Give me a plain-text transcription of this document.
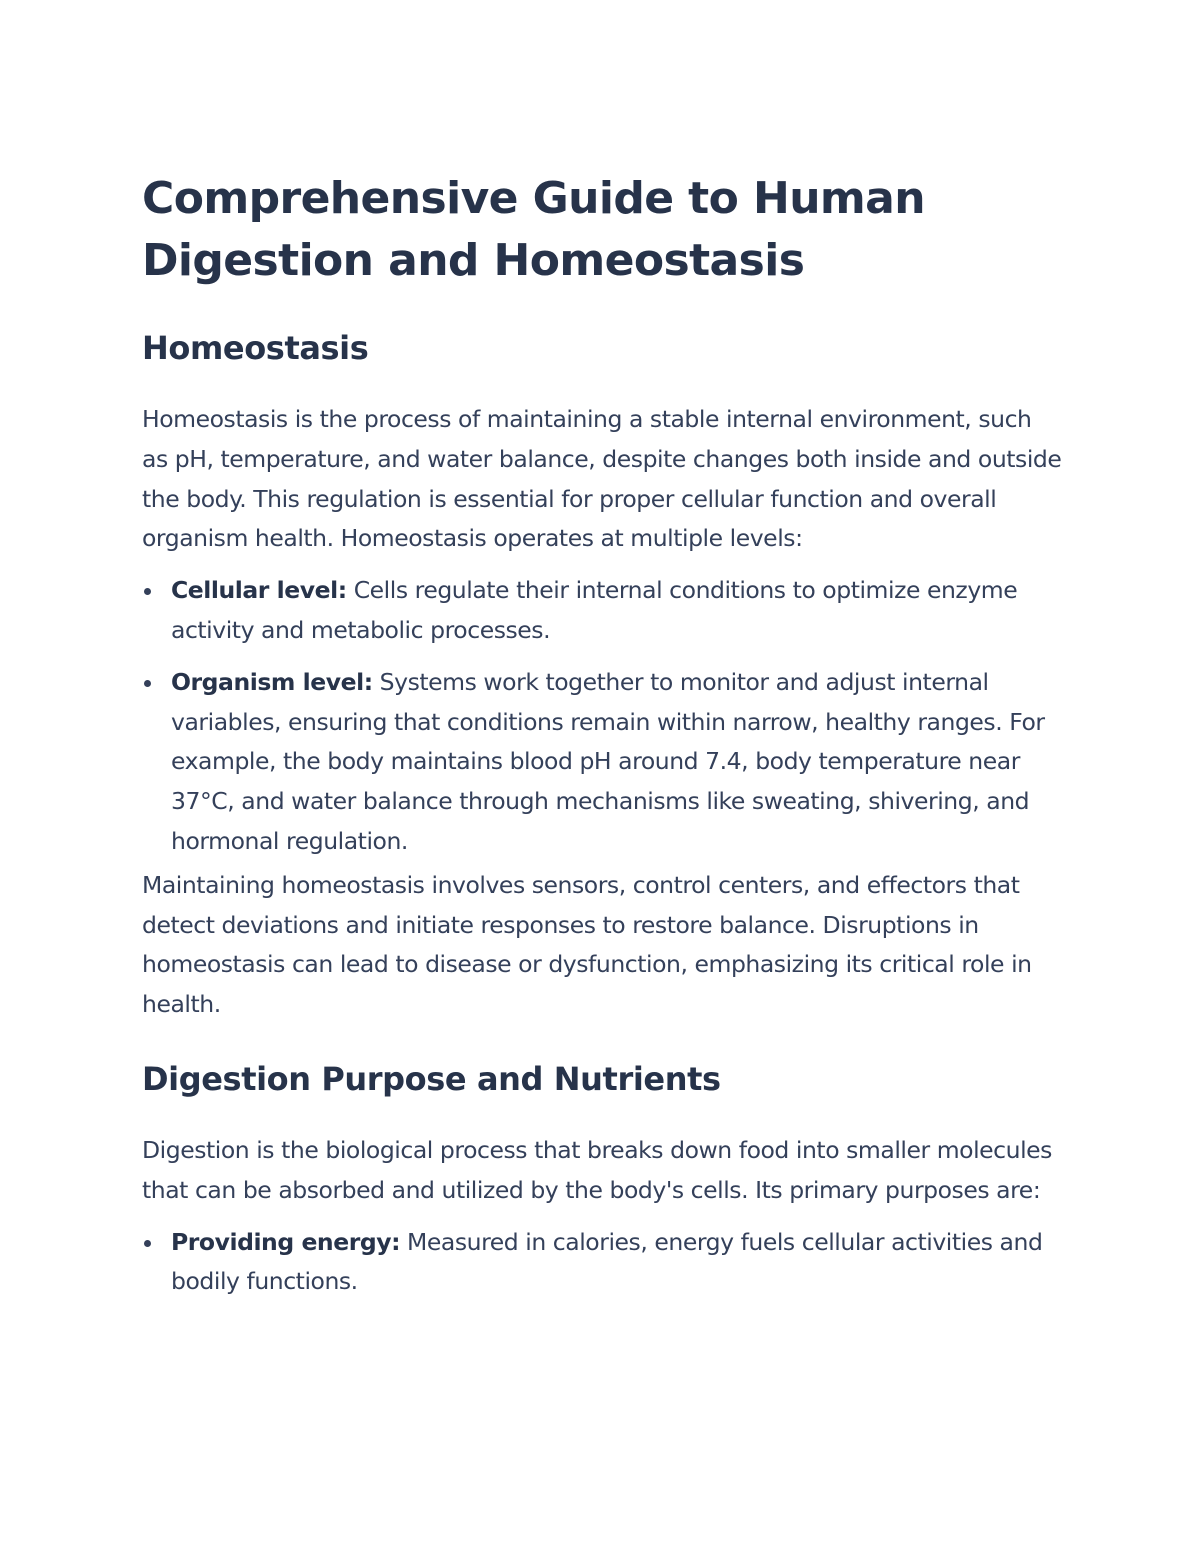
Comprehensive Guide to Human Digestion and Homeostasis
Homeostasis

Homeostasis is the process of maintaining a stable internal environment, such as pH, temperature, and water balance, despite changes both inside and outside the body. This regulation is essential for proper cellular function and overall organism health. Homeostasis operates at multiple levels:

Cellular level: Cells regulate their internal conditions to optimize enzyme activity and metabolic processes.
Organism level: Systems work together to monitor and adjust internal variables, ensuring that conditions remain within narrow, healthy ranges. For example, the body maintains blood pH around 7.4, body temperature near 37°C, and water balance through mechanisms like sweating, shivering, and hormonal regulation.

Maintaining homeostasis involves sensors, control centers, and effectors that detect deviations and initiate responses to restore balance. Disruptions in homeostasis can lead to disease or dysfunction, emphasizing its critical role in health.

Digestion Purpose and Nutrients

Digestion is the biological process that breaks down food into smaller molecules that can be absorbed and utilized by the body's cells. Its primary purposes are:

Providing energy: Measured in calories, energy fuels cellular activities and bodily functions.
